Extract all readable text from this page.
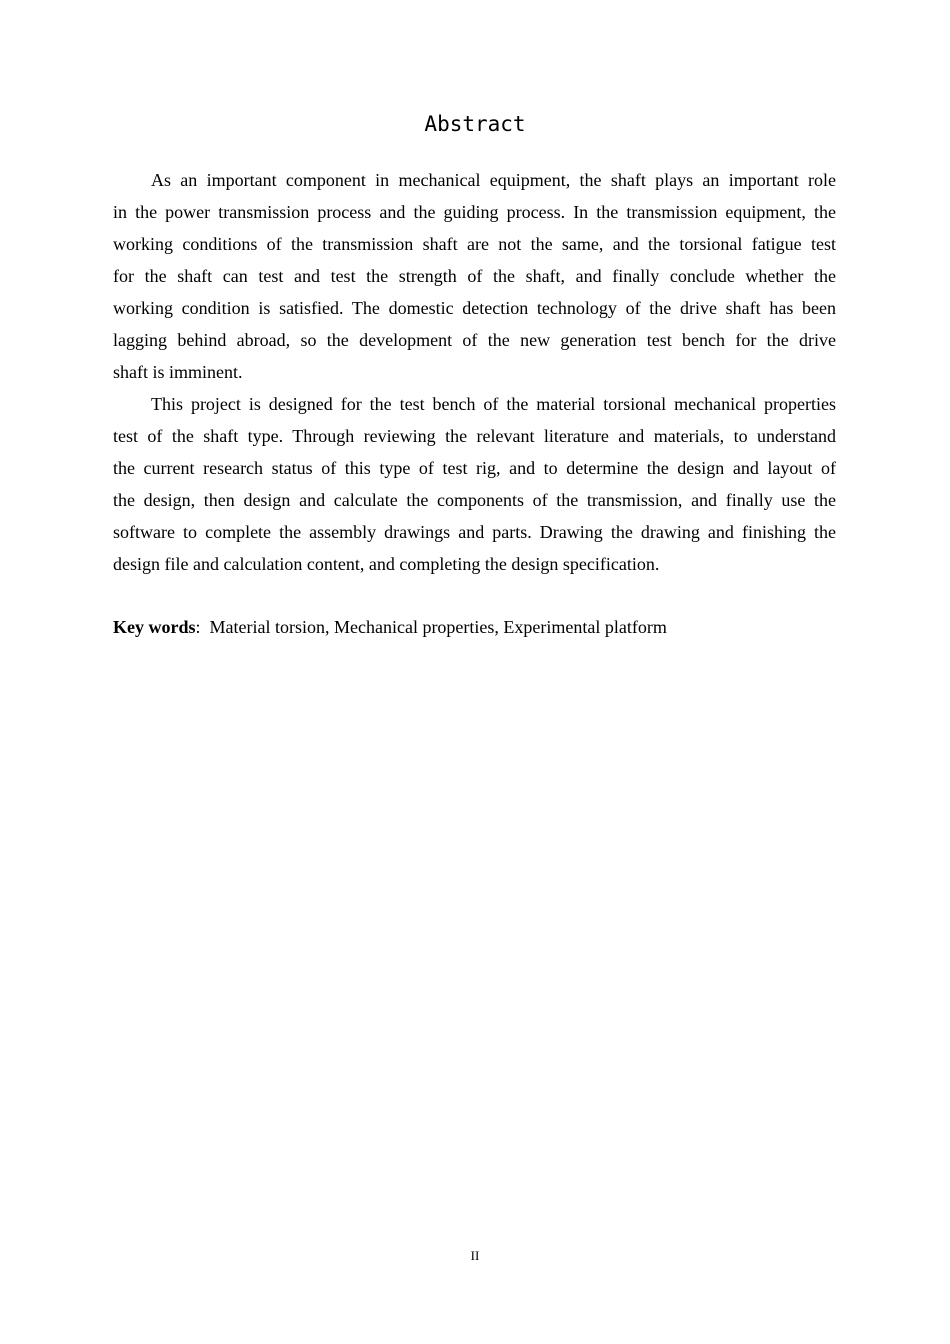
Abstract
As an important component in mechanical equipment, the shaft plays an important role
in the power transmission process and the guiding process. In the transmission equipment, the
working conditions of the transmission shaft are not the same, and the torsional fatigue test
for the shaft can test and test the strength of the shaft, and finally conclude whether the
working condition is satisfied. The domestic detection technology of the drive shaft has been
lagging behind abroad, so the development of the new generation test bench for the drive
shaft is imminent.
This project is designed for the test bench of the material torsional mechanical properties
test of the shaft type. Through reviewing the relevant literature and materials, to understand
the current research status of this type of test rig, and to determine the design and layout of
the design, then design and calculate the components of the transmission, and finally use the
software to complete the assembly drawings and parts. Drawing the drawing and finishing the
design file and calculation content, and completing the design specification.
Key words: Material torsion, Mechanical properties, Experimental platform
II
